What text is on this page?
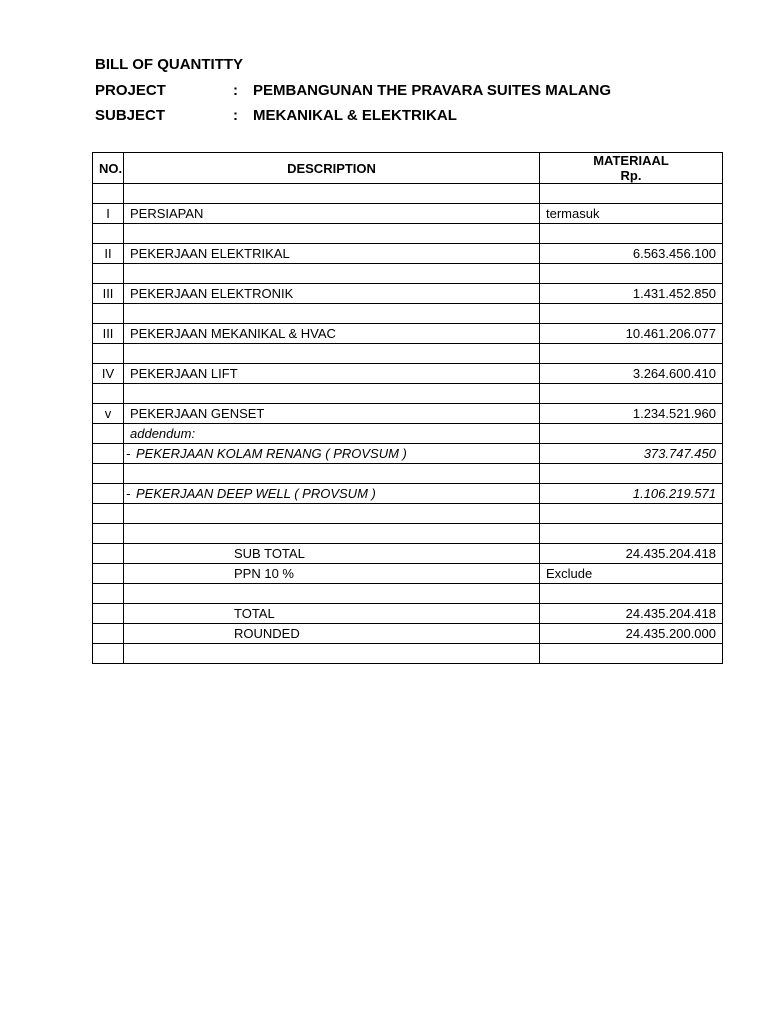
BILL OF QUANTITTY
PROJECT	: PEMBANGUNAN THE PRAVARA SUITES MALANG
SUBJECT	: MEKANIKAL & ELEKTRIKAL
NO.	DESCRIPTION	MATERIAAL
Rp.

I	PERSIAPAN	termasuk

II	PEKERJAAN ELEKTRIKAL	6.563.456.100

III	PEKERJAAN ELEKTRONIK	1.431.452.850

III	PEKERJAAN MEKANIKAL & HVAC	10.461.206.077

IV	PEKERJAAN LIFT	3.264.600.410

v	PEKERJAAN GENSET	1.234.521.960
	addendum:	
	- PEKERJAAN KOLAM RENANG ( PROVSUM )	373.747.450

	- PEKERJAAN DEEP WELL ( PROVSUM )	1.106.219.571

	SUB TOTAL	24.435.204.418
	PPN 10 %	Exclude

	TOTAL	24.435.204.418
	ROUNDED	24.435.200.000
